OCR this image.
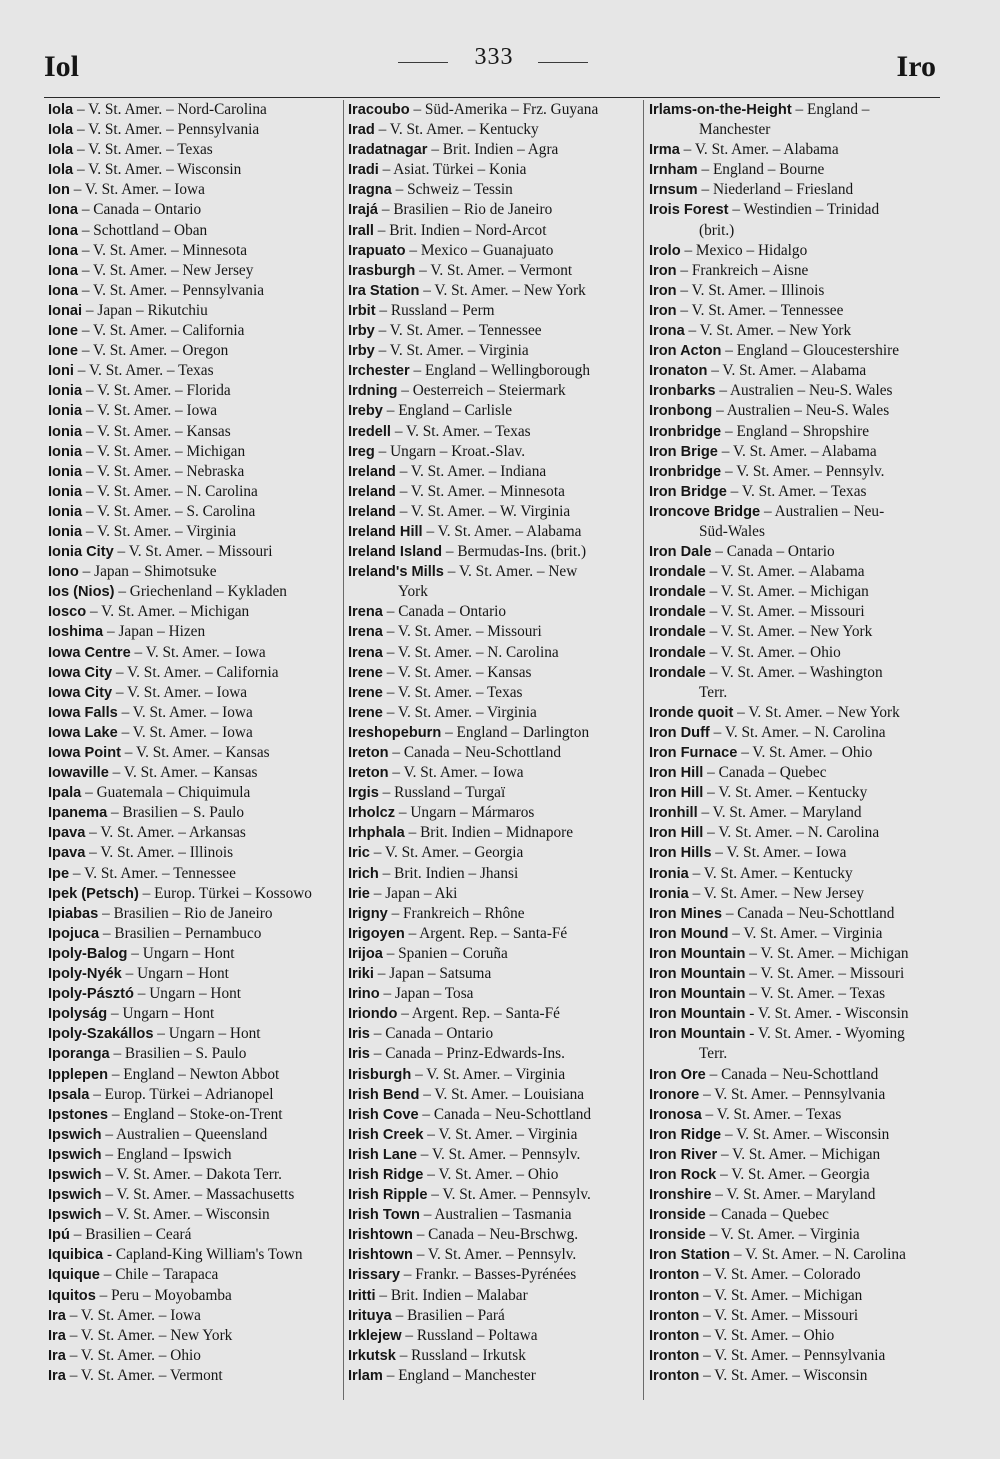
Iol	333	Iro

Iola – V. St. Amer. – Nord-Carolina

Iola – V. St. Amer. – Pennsylvania

Iola – V. St. Amer. – Texas

Iola – V. St. Amer. – Wisconsin

Ion – V. St. Amer. – Iowa

Iona – Canada – Ontario

Iona – Schottland – Oban

Iona – V. St. Amer. – Minnesota

Iona – V. St. Amer. – New Jersey

Iona – V. St. Amer. – Pennsylvania

Ionai – Japan – Rikutchiu

Ione – V. St. Amer. – California

Ione – V. St. Amer. – Oregon

Ioni – V. St. Amer. – Texas

Ionia – V. St. Amer. – Florida

Ionia – V. St. Amer. – Iowa

Ionia – V. St. Amer. – Kansas

Ionia – V. St. Amer. – Michigan

Ionia – V. St. Amer. – Nebraska

Ionia – V. St. Amer. – N. Carolina

Ionia – V. St. Amer. – S. Carolina

Ionia – V. St. Amer. – Virginia

Ionia City – V. St. Amer. – Missouri

Iono – Japan – Shimotsuke

Ios (Nios) – Griechenland – Kykladen

Iosco – V. St. Amer. – Michigan

Ioshima – Japan – Hizen

Iowa Centre – V. St. Amer. – Iowa

Iowa City – V. St. Amer. – California

Iowa City – V. St. Amer. – Iowa

Iowa Falls – V. St. Amer. – Iowa

Iowa Lake – V. St. Amer. – Iowa

Iowa Point – V. St. Amer. – Kansas

Iowaville – V. St. Amer. – Kansas

Ipala – Guatemala – Chiquimula

Ipanema – Brasilien – S. Paulo

Ipava – V. St. Amer. – Arkansas

Ipava – V. St. Amer. – Illinois

Ipe – V. St. Amer. – Tennessee

Ipek (Petsch) – Europ. Türkei – Kossowo

Ipiabas – Brasilien – Rio de Janeiro

Ipojuca – Brasilien – Pernambuco

Ipoly-Balog – Ungarn – Hont

Ipoly-Nyék – Ungarn – Hont

Ipoly-Pásztó – Ungarn – Hont

Ipolyság – Ungarn – Hont

Ipoly-Szakállos – Ungarn – Hont

Iporanga – Brasilien – S. Paulo

Ipplepen – England – Newton Abbot

Ipsala – Europ. Türkei – Adrianopel

Ipstones – England – Stoke-on-Trent

Ipswich – Australien – Queensland

Ipswich – England – Ipswich

Ipswich – V. St. Amer. – Dakota Terr.

Ipswich – V. St. Amer. – Massachusetts

Ipswich – V. St. Amer. – Wisconsin

Ipú – Brasilien – Ceará

Iquibica - Capland-King William's Town

Iquique – Chile – Tarapaca

Iquitos – Peru – Moyobamba

Ira – V. St. Amer. – Iowa

Ira – V. St. Amer. – New York

Ira – V. St. Amer. – Ohio

Ira – V. St. Amer. – Vermont

Iracoubo – Süd-Amerika – Frz. Guyana

Irad – V. St. Amer. – Kentucky

Iradatnagar – Brit. Indien – Agra

Iradi – Asiat. Türkei – Konia

Iragna – Schweiz – Tessin

Irajá – Brasilien – Rio de Janeiro

Irall – Brit. Indien – Nord-Arcot

Irapuato – Mexico – Guanajuato

Irasburgh – V. St. Amer. – Vermont

Ira Station – V. St. Amer. – New York

Irbit – Russland – Perm

Irby – V. St. Amer. – Tennessee

Irby – V. St. Amer. – Virginia

Irchester – England – Wellingborough

Irdning – Oesterreich – Steiermark

Ireby – England – Carlisle

Iredell – V. St. Amer. – Texas

Ireg – Ungarn – Kroat.-Slav.

Ireland – V. St. Amer. – Indiana

Ireland – V. St. Amer. – Minnesota

Ireland – V. St. Amer. – W. Virginia

Ireland Hill – V. St. Amer. – Alabama

Ireland Island – Bermudas-Ins. (brit.)

Ireland's Mills – V. St. Amer. – New

York

Irena – Canada – Ontario

Irena – V. St. Amer. – Missouri

Irena – V. St. Amer. – N. Carolina

Irene – V. St. Amer. – Kansas

Irene – V. St. Amer. – Texas

Irene – V. St. Amer. – Virginia

Ireshopeburn – England – Darlington

Ireton – Canada – Neu-Schottland

Ireton – V. St. Amer. – Iowa

Irgis – Russland – Turgaï

Irholcz – Ungarn – Mármaros

Irhphala – Brit. Indien – Midnapore

Iric – V. St. Amer. – Georgia

Irich – Brit. Indien – Jhansi

Irie – Japan – Aki

Irigny – Frankreich – Rhône

Irigoyen – Argent. Rep. – Santa-Fé

Irijoa – Spanien – Coruña

Iriki – Japan – Satsuma

Irino – Japan – Tosa

Iriondo – Argent. Rep. – Santa-Fé

Iris – Canada – Ontario

Iris – Canada – Prinz-Edwards-Ins.

Irisburgh – V. St. Amer. – Virginia

Irish Bend – V. St. Amer. – Louisiana

Irish Cove – Canada – Neu-Schottland

Irish Creek – V. St. Amer. – Virginia

Irish Lane – V. St. Amer. – Pennsylv.

Irish Ridge – V. St. Amer. – Ohio

Irish Ripple – V. St. Amer. – Pennsylv.

Irish Town – Australien – Tasmania

Irishtown – Canada – Neu-Brschwg.

Irishtown – V. St. Amer. – Pennsylv.

Irissary – Frankr. – Basses-Pyrénées

Iritti – Brit. Indien – Malabar

Irituya – Brasilien – Pará

Irklejew – Russland – Poltawa

Irkutsk – Russland – Irkutsk

Irlam – England – Manchester

Irlams-on-the-Height – England –

Manchester

Irma – V. St. Amer. – Alabama

Irnham – England – Bourne

Irnsum – Niederland – Friesland

Irois Forest – Westindien – Trinidad

(brit.)

Irolo – Mexico – Hidalgo

Iron – Frankreich – Aisne

Iron – V. St. Amer. – Illinois

Iron – V. St. Amer. – Tennessee

Irona – V. St. Amer. – New York

Iron Acton – England – Gloucestershire

Ironaton – V. St. Amer. – Alabama

Ironbarks – Australien – Neu-S. Wales

Ironbong – Australien – Neu-S. Wales

Ironbridge – England – Shropshire

Iron Brige – V. St. Amer. – Alabama

Ironbridge – V. St. Amer. – Pennsylv.

Iron Bridge – V. St. Amer. – Texas

Ironcove Bridge – Australien – Neu-

Süd-Wales

Iron Dale – Canada – Ontario

Irondale – V. St. Amer. – Alabama

Irondale – V. St. Amer. – Michigan

Irondale – V. St. Amer. – Missouri

Irondale – V. St. Amer. – New York

Irondale – V. St. Amer. – Ohio

Irondale – V. St. Amer. – Washington

Terr.

Ironde quoit – V. St. Amer. – New York

Iron Duff – V. St. Amer. – N. Carolina

Iron Furnace – V. St. Amer. – Ohio

Iron Hill – Canada – Quebec

Iron Hill – V. St. Amer. – Kentucky

Ironhill – V. St. Amer. – Maryland

Iron Hill – V. St. Amer. – N. Carolina

Iron Hills – V. St. Amer. – Iowa

Ironia – V. St. Amer. – Kentucky

Ironia – V. St. Amer. – New Jersey

Iron Mines – Canada – Neu-Schottland

Iron Mound – V. St. Amer. – Virginia

Iron Mountain – V. St. Amer. – Michigan

Iron Mountain – V. St. Amer. – Missouri

Iron Mountain – V. St. Amer. – Texas

Iron Mountain - V. St. Amer. - Wisconsin

Iron Mountain - V. St. Amer. - Wyoming

Terr.

Iron Ore – Canada – Neu-Schottland

Ironore – V. St. Amer. – Pennsylvania

Ironosa – V. St. Amer. – Texas

Iron Ridge – V. St. Amer. – Wisconsin

Iron River – V. St. Amer. – Michigan

Iron Rock – V. St. Amer. – Georgia

Ironshire – V. St. Amer. – Maryland

Ironside – Canada – Quebec

Ironside – V. St. Amer. – Virginia

Iron Station – V. St. Amer. – N. Carolina

Ironton – V. St. Amer. – Colorado

Ironton – V. St. Amer. – Michigan

Ironton – V. St. Amer. – Missouri

Ironton – V. St. Amer. – Ohio

Ironton – V. St. Amer. – Pennsylvania

Ironton – V. St. Amer. – Wisconsin
